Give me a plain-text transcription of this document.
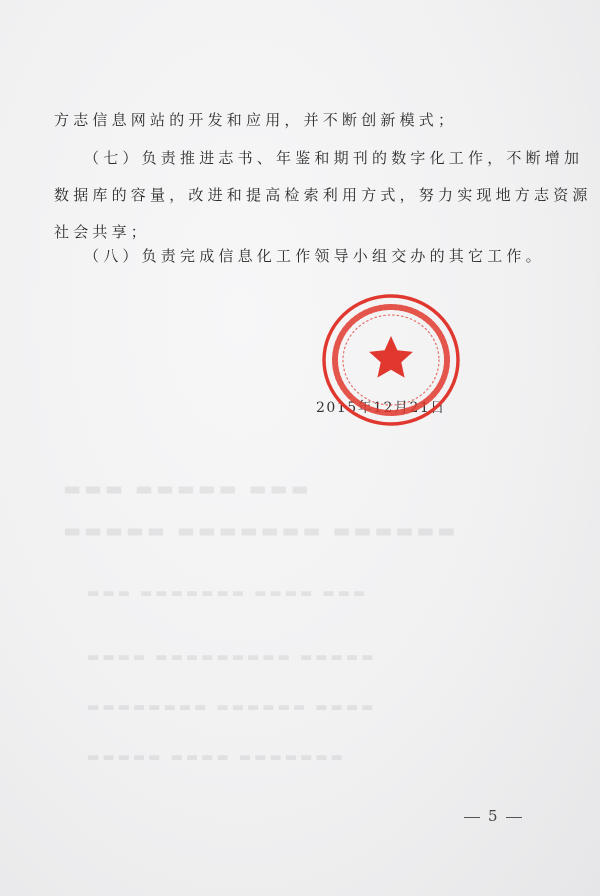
▬▬▬ ▬▬▬▬▬ ▬▬▬
▬▬▬▬▬▬ ▬▬▬▬▬▬▬ ▬▬▬▬▬
▬▬▬ ▬▬▬▬ ▬▬▬▬▬▬▬ ▬▬▬
▬▬▬▬▬ ▬▬▬▬▬▬▬▬▬ ▬▬▬▬
▬▬▬▬ ▬▬▬▬▬▬ ▬▬▬▬▬▬▬▬
▬▬▬▬▬▬▬ ▬▬▬▬ ▬▬▬▬▬
方志信息网站的开发和应用，并不断创新模式；
（七）负责推进志书、年鉴和期刊的数字化工作，不断增加
数据库的容量，改进和提高检索利用方式，努力实现地方志资源
社会共享；
（八）负责完成信息化工作领导小组交办的其它工作。
2015年12月21日
5
